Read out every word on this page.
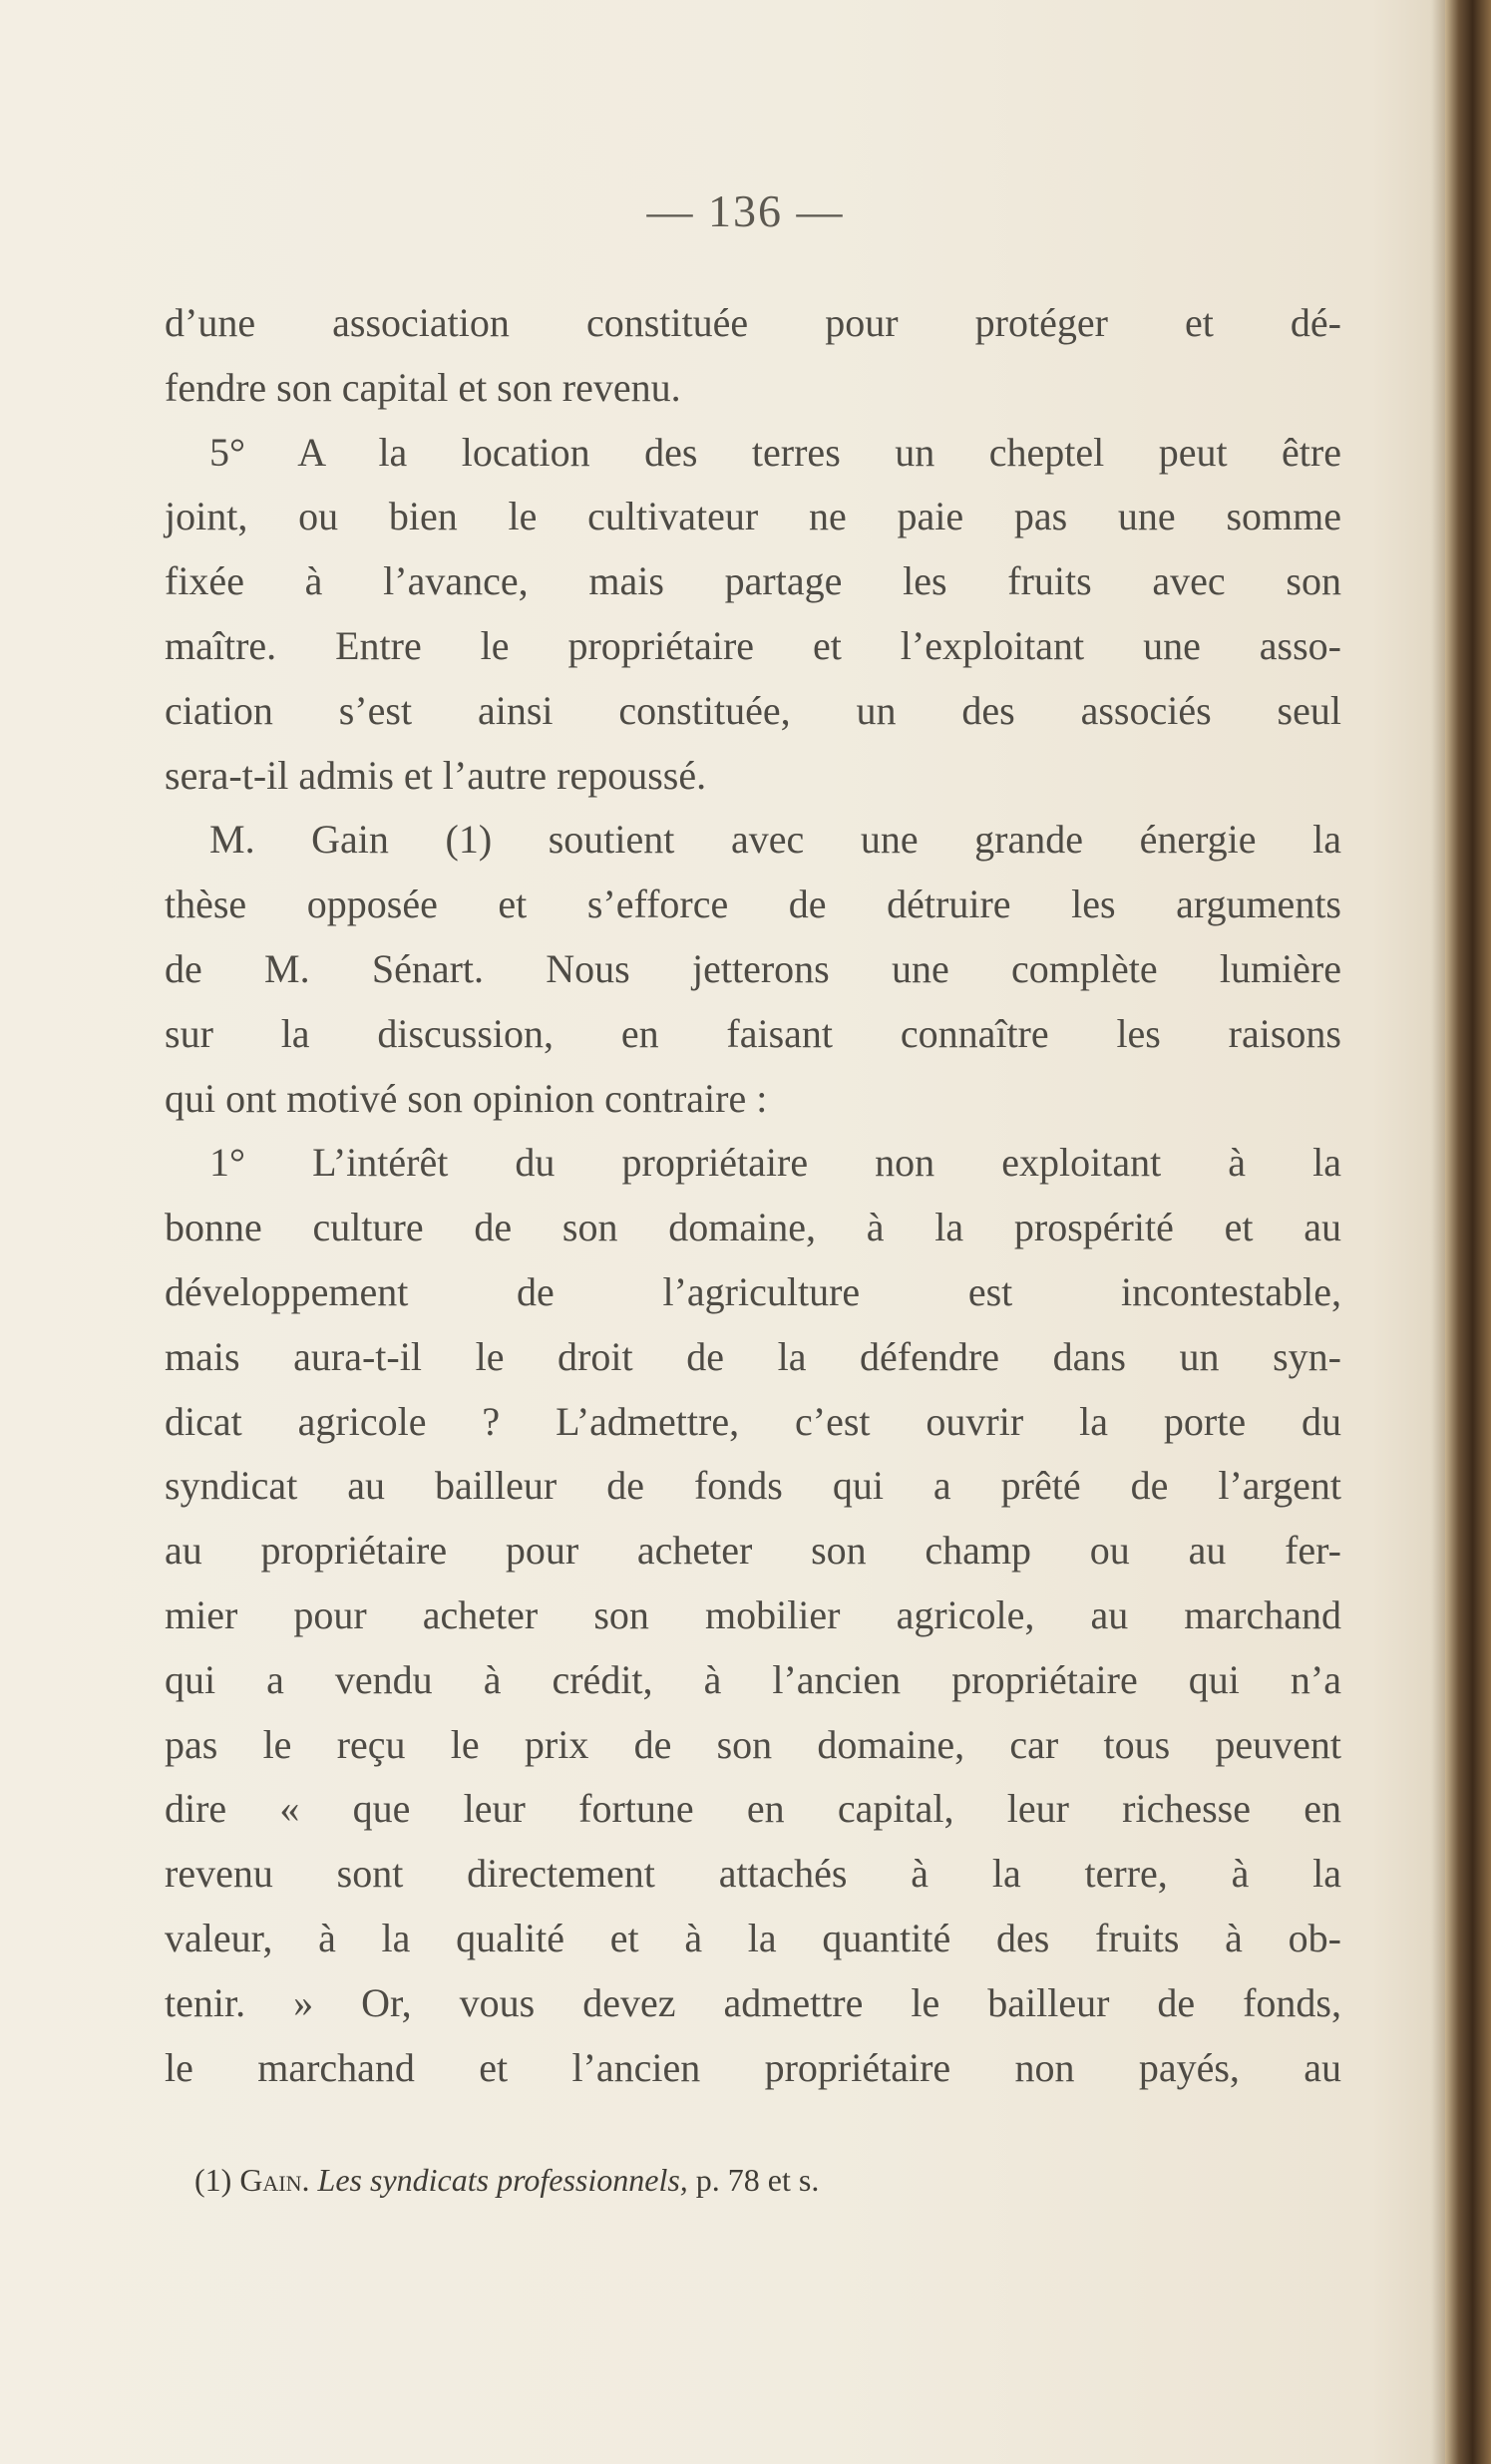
— 136 —
d’une association constituée pour protéger et dé-
fendre son capital et son revenu.
5° A la location des terres un cheptel peut être
joint, ou bien le cultivateur ne paie pas une somme
fixée à l’avance, mais partage les fruits avec son
maître. Entre le propriétaire et l’exploitant une asso-
ciation s’est ainsi constituée, un des associés seul
sera-t-il admis et l’autre repoussé.
M. Gain (1) soutient avec une grande énergie la
thèse opposée et s’efforce de détruire les arguments
de M. Sénart. Nous jetterons une complète lumière
sur la discussion, en faisant connaître les raisons
qui ont motivé son opinion contraire :
1° L’intérêt du propriétaire non exploitant à la
bonne culture de son domaine, à la prospérité et au
développement de l’agriculture est incontestable,
mais aura-t-il le droit de la défendre dans un syn-
dicat agricole ? L’admettre, c’est ouvrir la porte du
syndicat au bailleur de fonds qui a prêté de l’argent
au propriétaire pour acheter son champ ou au fer-
mier pour acheter son mobilier agricole, au marchand
qui a vendu à crédit, à l’ancien propriétaire qui n’a
pas le reçu le prix de son domaine, car tous peuvent
dire « que leur fortune en capital, leur richesse en
revenu sont directement attachés à la terre, à la
valeur, à la qualité et à la quantité des fruits à ob-
tenir. » Or, vous devez admettre le bailleur de fonds,
le marchand et l’ancien propriétaire non payés, au
(1) Gain. Les syndicats professionnels, p. 78 et s.
